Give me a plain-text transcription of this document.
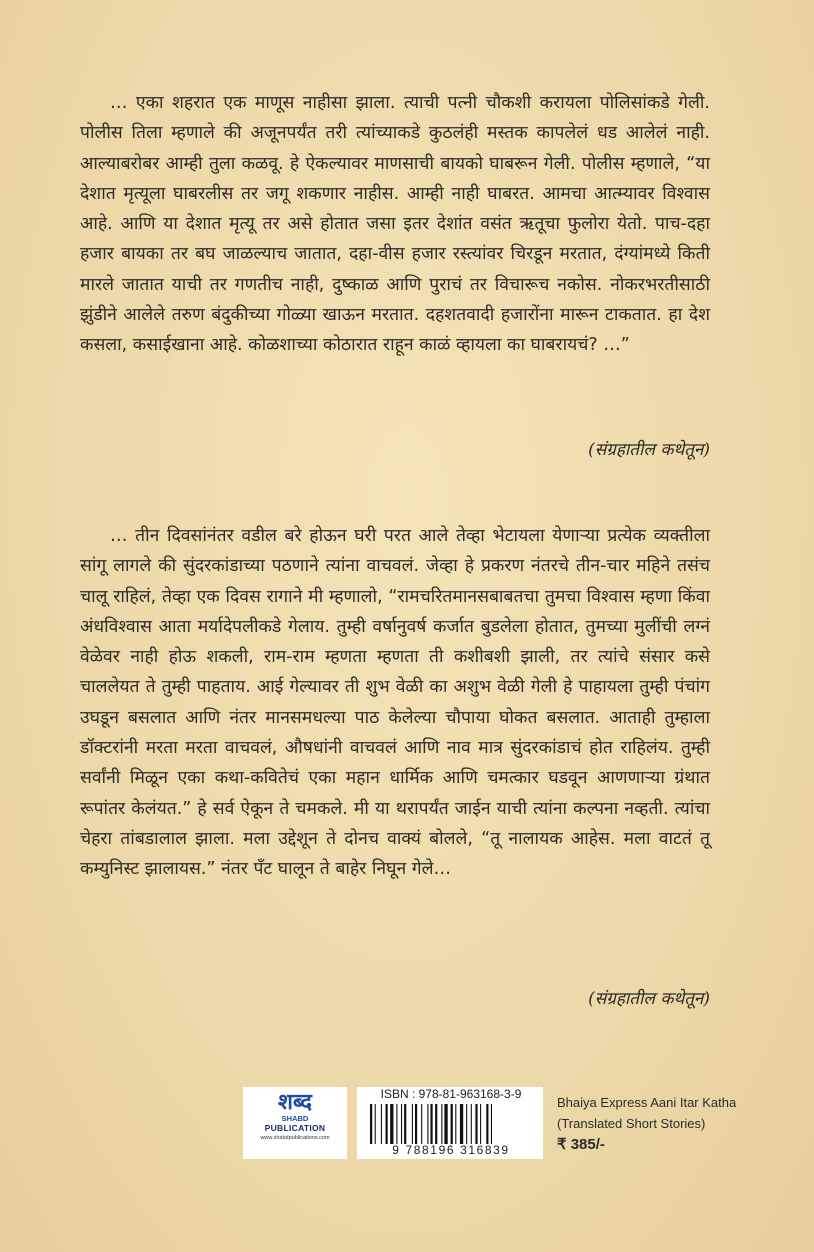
… एका शहरात एक माणूस नाहीसा झाला. त्याची पत्नी चौकशी करायला पोलिसांकडे गेली. पोलीस तिला म्हणाले की अजूनपर्यंत तरी त्यांच्याकडे कुठलंही मस्तक कापलेलं धड आलेलं नाही. आल्याबरोबर आम्ही तुला कळवू. हे ऐकल्यावर माणसाची बायको घाबरून गेली. पोलीस म्हणाले, “या देशात मृत्यूला घाबरलीस तर जगू शकणार नाहीस. आम्ही नाही घाबरत. आमचा आत्म्यावर विश्वास आहे. आणि या देशात मृत्यू तर असे होतात जसा इतर देशांत वसंत ऋतूचा फुलोरा येतो. पाच-दहा हजार बायका तर बघ जाळल्याच जातात, दहा-वीस हजार रस्त्यांवर चिरडून मरतात, दंग्यांमध्ये किती मारले जातात याची तर गणतीच नाही, दुष्काळ आणि पुराचं तर विचारूच नकोस. नोकरभरतीसाठी झुंडीने आलेले तरुण बंदुकीच्या गोळ्या खाऊन मरतात. दहशतवादी हजारोंना मारून टाकतात. हा देश कसला, कसाईखाना आहे. कोळशाच्या कोठारात राहून काळं व्हायला का घाबरायचं? …”

(संग्रहातील कथेतून)

… तीन दिवसांनंतर वडील बरे होऊन घरी परत आले तेव्हा भेटायला येणाऱ्या प्रत्येक व्यक्तीला सांगू लागले की सुंदरकांडाच्या पठणाने त्यांना वाचवलं. जेव्हा हे प्रकरण नंतरचे तीन-चार महिने तसंच चालू राहिलं, तेव्हा एक दिवस रागाने मी म्हणालो, “रामचरितमानसबाबतचा तुमचा विश्वास म्हणा किंवा अंधविश्वास आता मर्यादेपलीकडे गेलाय. तुम्ही वर्षानुवर्ष कर्जात बुडलेला होतात, तुमच्या मुलींची लग्नं वेळेवर नाही होऊ शकली, राम-राम म्हणता म्हणता ती कशीबशी झाली, तर त्यांचे संसार कसे चाललेयत ते तुम्ही पाहताय. आई गेल्यावर ती शुभ वेळी का अशुभ वेळी गेली हे पाहायला तुम्ही पंचांग उघडून बसलात आणि नंतर मानसमधल्या पाठ केलेल्या चौपाया घोकत बसलात. आताही तुम्हाला डॉक्टरांनी मरता मरता वाचवलं, औषधांनी वाचवलं आणि नाव मात्र सुंदरकांडाचं होत राहिलंय. तुम्ही सर्वांनी मिळून एका कथा-कवितेचं एका महान धार्मिक आणि चमत्कार घडवून आणणाऱ्या ग्रंथात रूपांतर केलंयत.” हे सर्व ऐकून ते चमकले. मी या थरापर्यंत जाईन याची त्यांना कल्पना नव्हती. त्यांचा चेहरा तांबडालाल झाला. मला उद्देशून ते दोनच वाक्यं बोलले, “तू नालायक आहेस. मला वाटतं तू कम्युनिस्ट झालायस.” नंतर पँट घालून ते बाहेर निघून गेले…

(संग्रहातील कथेतून)
शब्द
SHABD
PUBLICATION
www.shabdpublications.com
ISBN : 978-81-963168-3-9
9 788196 316839
Bhaiya Express Aani Itar Katha
(Translated Short Stories)
₹ 385/-
